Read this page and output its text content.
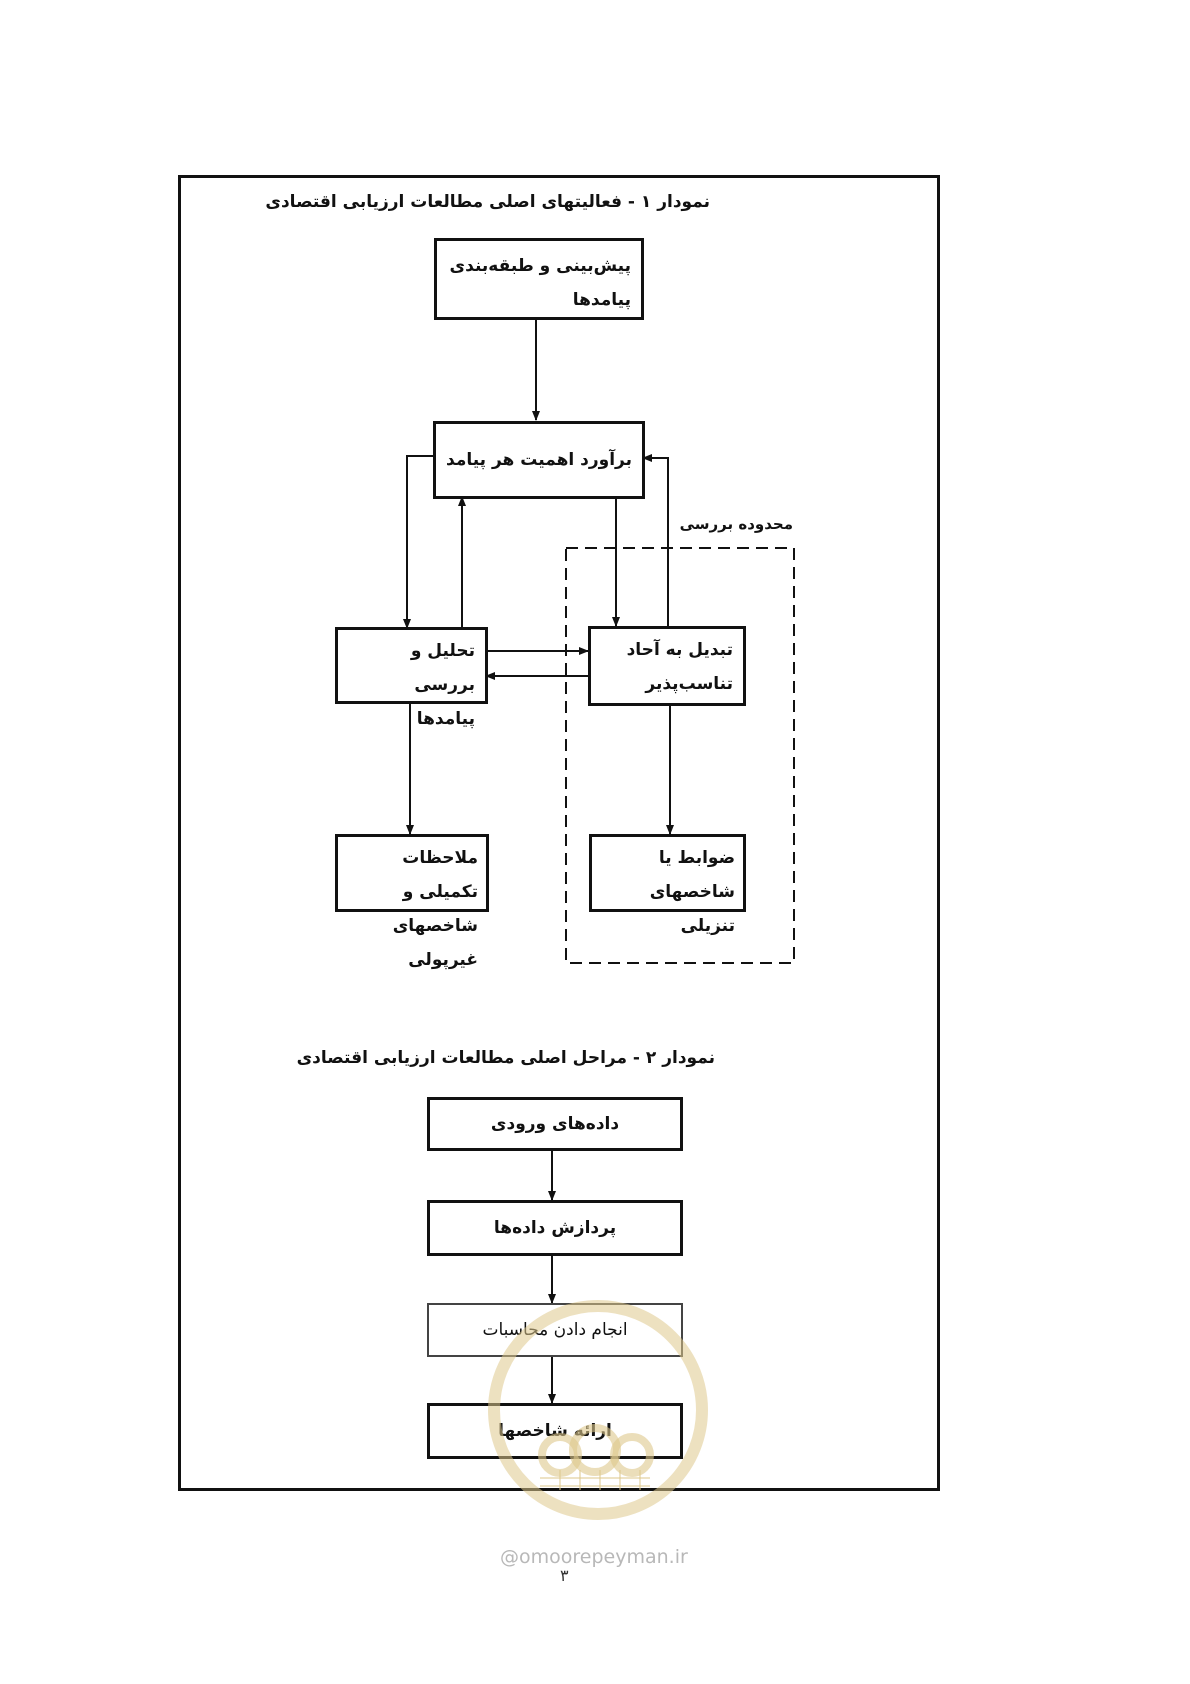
نمودار ۱ - فعالیتهای اصلی مطالعات ارزیابی اقتصادی
پیش‌بینی و طبقه‌بندی
پیامدها
برآورد اهمیت هر پیامد
محدوده بررسی
تحلیل و بررسی
پیامدها
تبدیل به آحاد
تناسب‌پذیر
ملاحظات تکمیلی و
شاخصهای غیرپولی
ضوابط یا شاخصهای
تنزیلی
نمودار ۲ - مراحل اصلی مطالعات ارزیابی اقتصادی
داده‌های ورودی
پردازش داده‌ها
انجام دادن محاسبات
ارائه شاخصها
@omoorepeyman.ir
۳
